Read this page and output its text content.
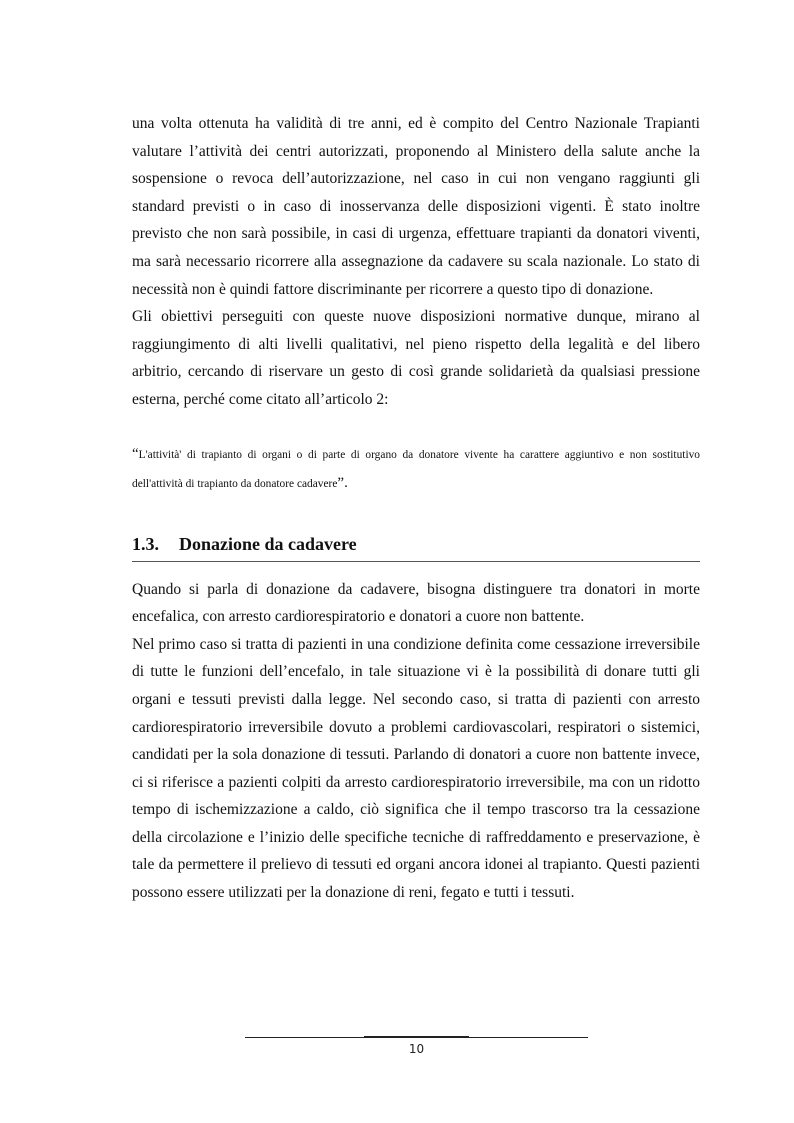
una volta ottenuta ha validità di tre anni, ed è compito del Centro Nazionale Trapianti valutare l’attività dei centri autorizzati, proponendo al Ministero della salute anche la sospensione o revoca dell’autorizzazione, nel caso in cui non vengano raggiunti gli standard previsti o in caso di inosservanza delle disposizioni vigenti. È stato inoltre previsto che non sarà possibile, in casi di urgenza, effettuare trapianti da donatori viventi, ma sarà necessario ricorrere alla assegnazione da cadavere su scala nazionale. Lo stato di necessità non è quindi fattore discriminante per ricorrere a questo tipo di donazione.

Gli obiettivi perseguiti con queste nuove disposizioni normative dunque, mirano al raggiungimento di alti livelli qualitativi, nel pieno rispetto della legalità e del libero arbitrio, cercando di riservare un gesto di così grande solidarietà da qualsiasi pressione esterna, perché come citato all’articolo 2:

“L'attività' di trapianto di organi o di parte di organo da donatore vivente ha carattere aggiuntivo e non sostitutivo dell'attività di trapianto da donatore cadavere”.

1.3. Donazione da cadavere

Quando si parla di donazione da cadavere, bisogna distinguere tra donatori in morte encefalica, con arresto cardiorespiratorio e donatori a cuore non battente.

Nel primo caso si tratta di pazienti in una condizione definita come cessazione irreversibile di tutte le funzioni dell’encefalo, in tale situazione vi è la possibilità di donare tutti gli organi e tessuti previsti dalla legge. Nel secondo caso, si tratta di pazienti con arresto cardiorespiratorio irreversibile dovuto a problemi cardiovascolari, respiratori o sistemici, candidati per la sola donazione di tessuti. Parlando di donatori a cuore non battente invece, ci si riferisce a pazienti colpiti da arresto cardiorespiratorio irreversibile, ma con un ridotto tempo di ischemizzazione a caldo, ciò significa che il tempo trascorso tra la cessazione della circolazione e l’inizio delle specifiche tecniche di raffreddamento e preservazione, è tale da permettere il prelievo di tessuti ed organi ancora idonei al trapianto. Questi pazienti possono essere utilizzati per la donazione di reni, fegato e tutti i tessuti.

10
